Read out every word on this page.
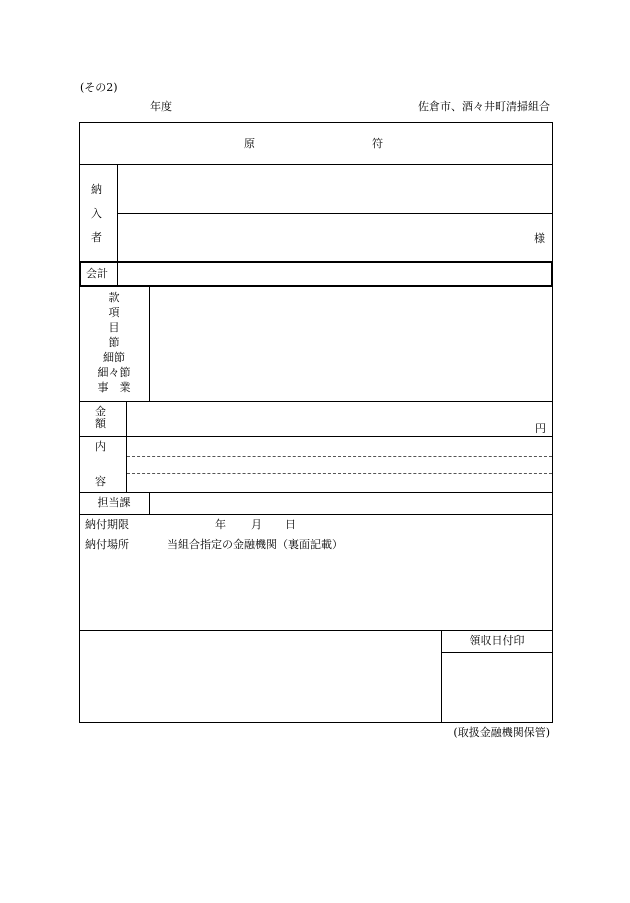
(その2)
年度	佐倉市、酒々井町清掃組合
原	符
納
入
者	様
会計
款
項
目
節
細節
細々節
事　業
金
額	円
内
容
担当課
納付期限	年 月 日
納付場所	当組合指定の金融機関（裏面記載）
領収日付印
(取扱金融機関保管)
